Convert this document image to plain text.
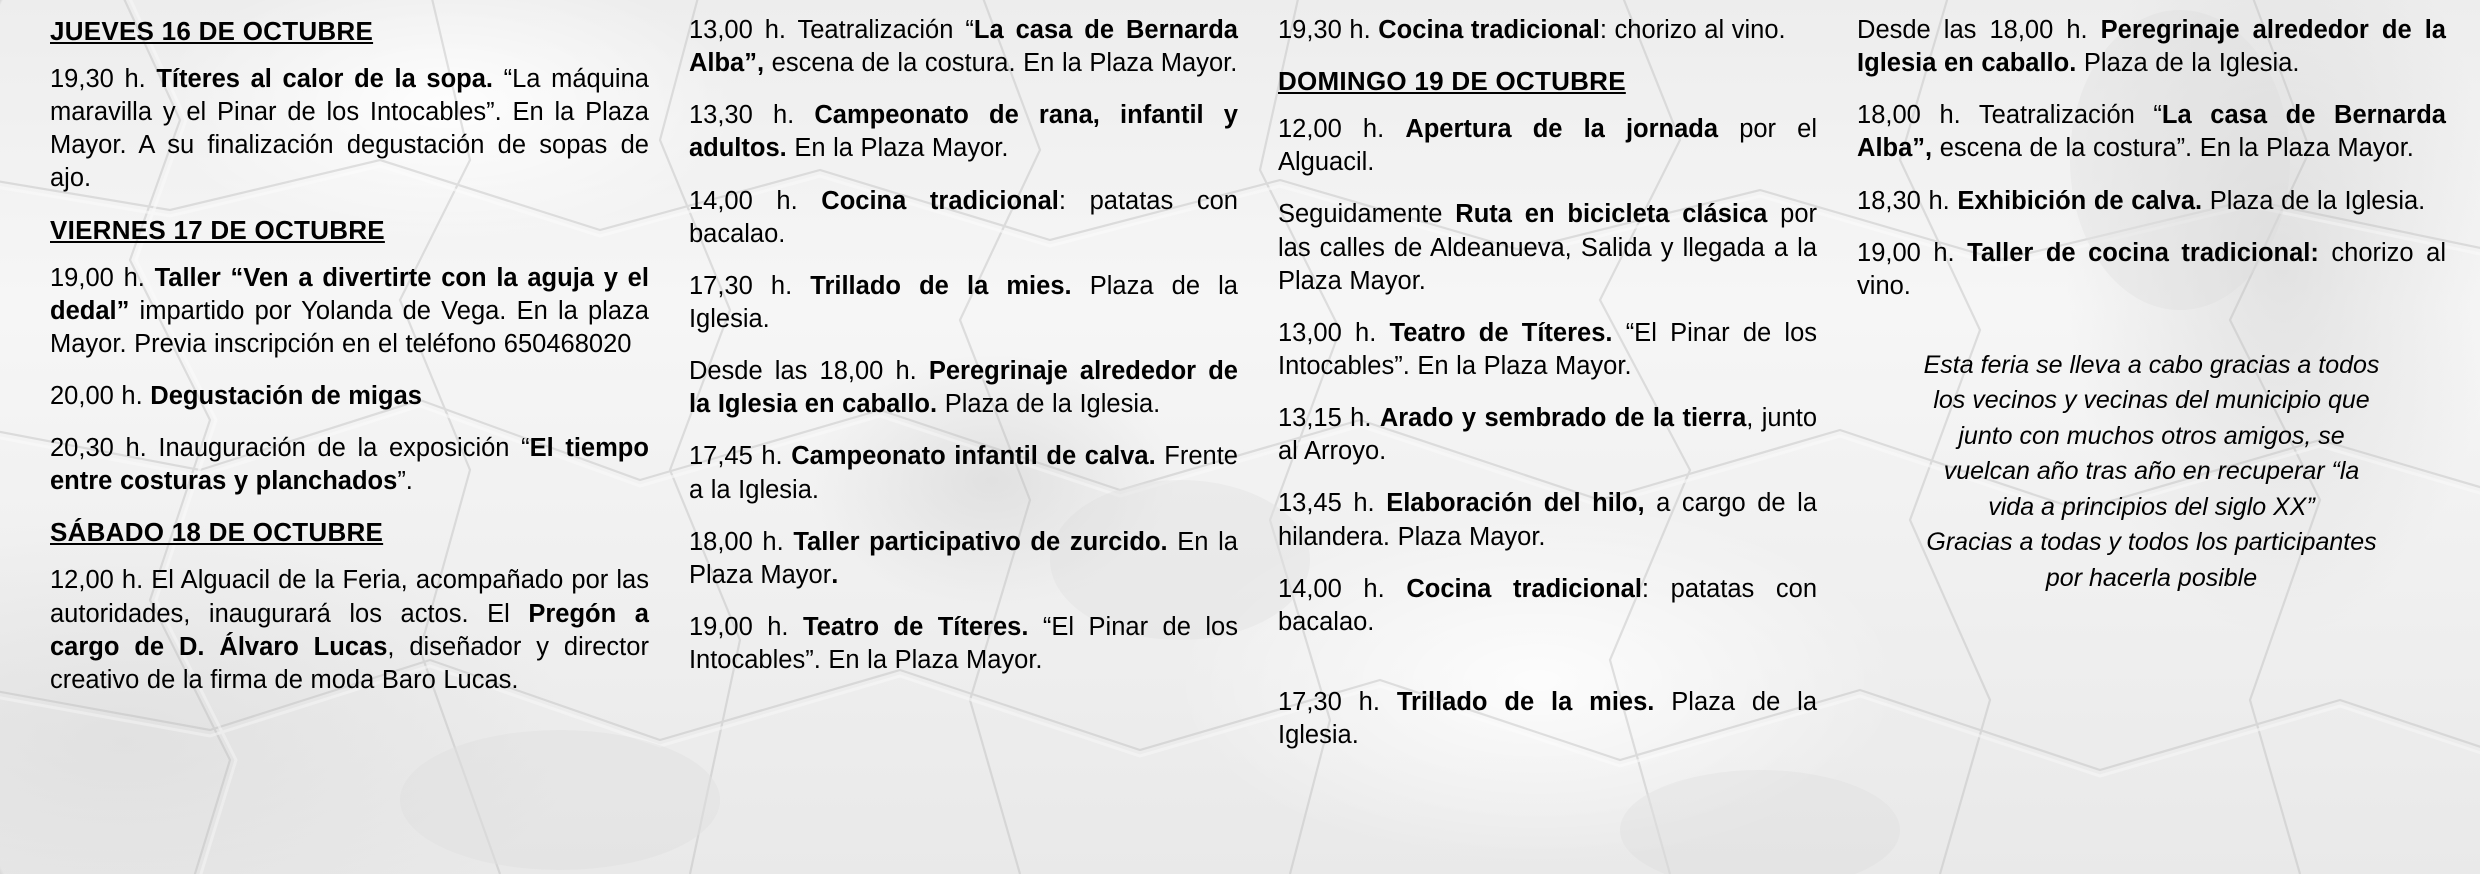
JUEVES 16 DE OCTUBRE
19,30 h. Títeres al calor de la sopa. “La máquina maravilla y el Pinar de los Intocables”. En la Plaza Mayor. A su finalización degustación de sopas de ajo.
VIERNES 17 DE OCTUBRE
19,00 h. Taller “Ven a divertirte con la aguja y el dedal” impartido por Yolanda de Vega. En la plaza Mayor. Previa inscripción en el teléfono 650468020
20,00 h. Degustación de migas
20,30 h. Inauguración de la exposición “El tiempo entre costuras y planchados”.
SÁBADO 18 DE OCTUBRE
12,00 h. El Alguacil de la Feria, acompañado por las autoridades, inaugurará los actos. El Pregón a cargo de D. Álvaro Lucas, diseñador y director creativo de la firma de moda Baro Lucas.
13,00 h. Teatralización “La casa de Bernarda Alba”, escena de la costura. En la Plaza Mayor.
13,30 h. Campeonato de rana, infantil y adultos. En la Plaza Mayor.
14,00 h. Cocina tradicional: patatas con bacalao.
17,30 h. Trillado de la mies. Plaza de la Iglesia.
Desde las 18,00 h. Peregrinaje alrededor de la Iglesia en caballo. Plaza de la Iglesia.
17,45 h. Campeonato infantil de calva. Frente a la Iglesia.
18,00 h. Taller participativo de zurcido. En la Plaza Mayor.
19,00 h. Teatro de Títeres. “El Pinar de los Intocables”. En la Plaza Mayor.
19,30 h. Cocina tradicional: chorizo al vino.
DOMINGO 19 DE OCTUBRE
12,00 h. Apertura de la jornada por el Alguacil.
Seguidamente Ruta en bicicleta clásica por las calles de Aldeanueva, Salida y llegada a la Plaza Mayor.
13,00 h. Teatro de Títeres. “El Pinar de los Intocables”. En la Plaza Mayor.
13,15 h. Arado y sembrado de la tierra, junto al Arroyo.
13,45 h. Elaboración del hilo, a cargo de la hilandera. Plaza Mayor.
14,00 h. Cocina tradicional: patatas con bacalao.
17,30 h. Trillado de la mies. Plaza de la Iglesia.
Desde las 18,00 h. Peregrinaje alrededor de la Iglesia en caballo. Plaza de la Iglesia.
18,00 h. Teatralización “La casa de Bernarda Alba”, escena de la costura”. En la Plaza Mayor.
18,30 h. Exhibición de calva. Plaza de la Iglesia.
19,00 h. Taller de cocina tradicional: chorizo al vino.

Esta feria se lleva a cabo gracias a todos

los vecinos y vecinas del municipio que

junto con muchos otros amigos, se

vuelcan año tras año en recuperar “la

vida a principios del siglo XX”

Gracias a todas y todos los participantes

por hacerla posible
